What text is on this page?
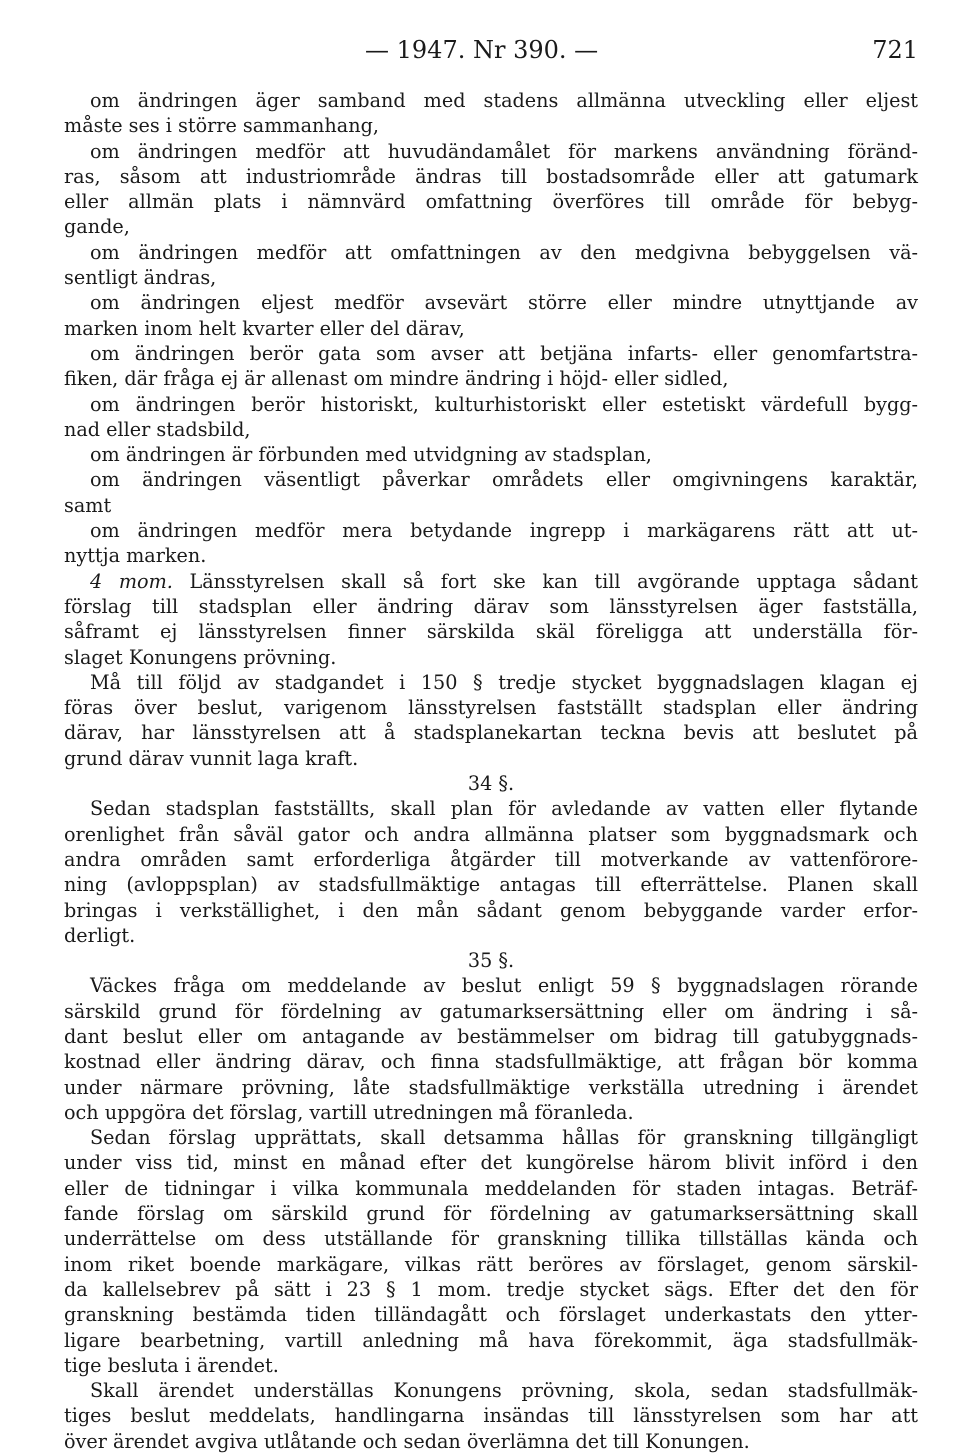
— 1947. Nr 390. —	721
om ändringen äger samband med stadens allmänna utveckling eller eljest
måste ses i större sammanhang,
om ändringen medför att huvudändamålet för markens användning föränd-
ras, såsom att industriområde ändras till bostadsområde eller att gatumark
eller allmän plats i nämnvärd omfattning överföres till område för bebyg-
gande,
om ändringen medför att omfattningen av den medgivna bebyggelsen vä-
sentligt ändras,
om ändringen eljest medför avsevärt större eller mindre utnyttjande av
marken inom helt kvarter eller del därav,
om ändringen berör gata som avser att betjäna infarts- eller genomfartstra-
fiken, där fråga ej är allenast om mindre ändring i höjd- eller sidled,
om ändringen berör historiskt, kulturhistoriskt eller estetiskt värdefull bygg-
nad eller stadsbild,
om ändringen är förbunden med utvidgning av stadsplan,
om ändringen väsentligt påverkar områdets eller omgivningens karaktär,
samt
om ändringen medför mera betydande ingrepp i markägarens rätt att ut-
nyttja marken.
4 mom. Länsstyrelsen skall så fort ske kan till avgörande upptaga sådant
förslag till stadsplan eller ändring därav som länsstyrelsen äger fastställa,
såframt ej länsstyrelsen finner särskilda skäl föreligga att underställa för-
slaget Konungens prövning.
Må till följd av stadgandet i 150 § tredje stycket byggnadslagen klagan ej
föras över beslut, varigenom länsstyrelsen fastställt stadsplan eller ändring
därav, har länsstyrelsen att å stadsplanekartan teckna bevis att beslutet på
grund därav vunnit laga kraft.
34 §.
Sedan stadsplan fastställts, skall plan för avledande av vatten eller flytande
orenlighet från såväl gator och andra allmänna platser som byggnadsmark och
andra områden samt erforderliga åtgärder till motverkande av vattenförore-
ning (avloppsplan) av stadsfullmäktige antagas till efterrättelse. Planen skall
bringas i verkställighet, i den mån sådant genom bebyggande varder erfor-
derligt.
35 §.
Väckes fråga om meddelande av beslut enligt 59 § byggnadslagen rörande
särskild grund för fördelning av gatumarksersättning eller om ändring i så-
dant beslut eller om antagande av bestämmelser om bidrag till gatubyggnads-
kostnad eller ändring därav, och finna stadsfullmäktige, att frågan bör komma
under närmare prövning, låte stadsfullmäktige verkställa utredning i ärendet
och uppgöra det förslag, vartill utredningen må föranleda.
Sedan förslag upprättats, skall detsamma hållas för granskning tillgängligt
under viss tid, minst en månad efter det kungörelse härom blivit införd i den
eller de tidningar i vilka kommunala meddelanden för staden intagas. Beträf-
fande förslag om särskild grund för fördelning av gatumarksersättning skall
underrättelse om dess utställande för granskning tillika tillställas kända och
inom riket boende markägare, vilkas rätt beröres av förslaget, genom särskil-
da kallelsebrev på sätt i 23 § 1 mom. tredje stycket sägs. Efter det den för
granskning bestämda tiden tilländagått och förslaget underkastats den ytter-
ligare bearbetning, vartill anledning må hava förekommit, äga stadsfullmäk-
tige besluta i ärendet.
Skall ärendet underställas Konungens prövning, skola, sedan stadsfullmäk-
tiges beslut meddelats, handlingarna insändas till länsstyrelsen som har att
över ärendet avgiva utlåtande och sedan överlämna det till Konungen.
